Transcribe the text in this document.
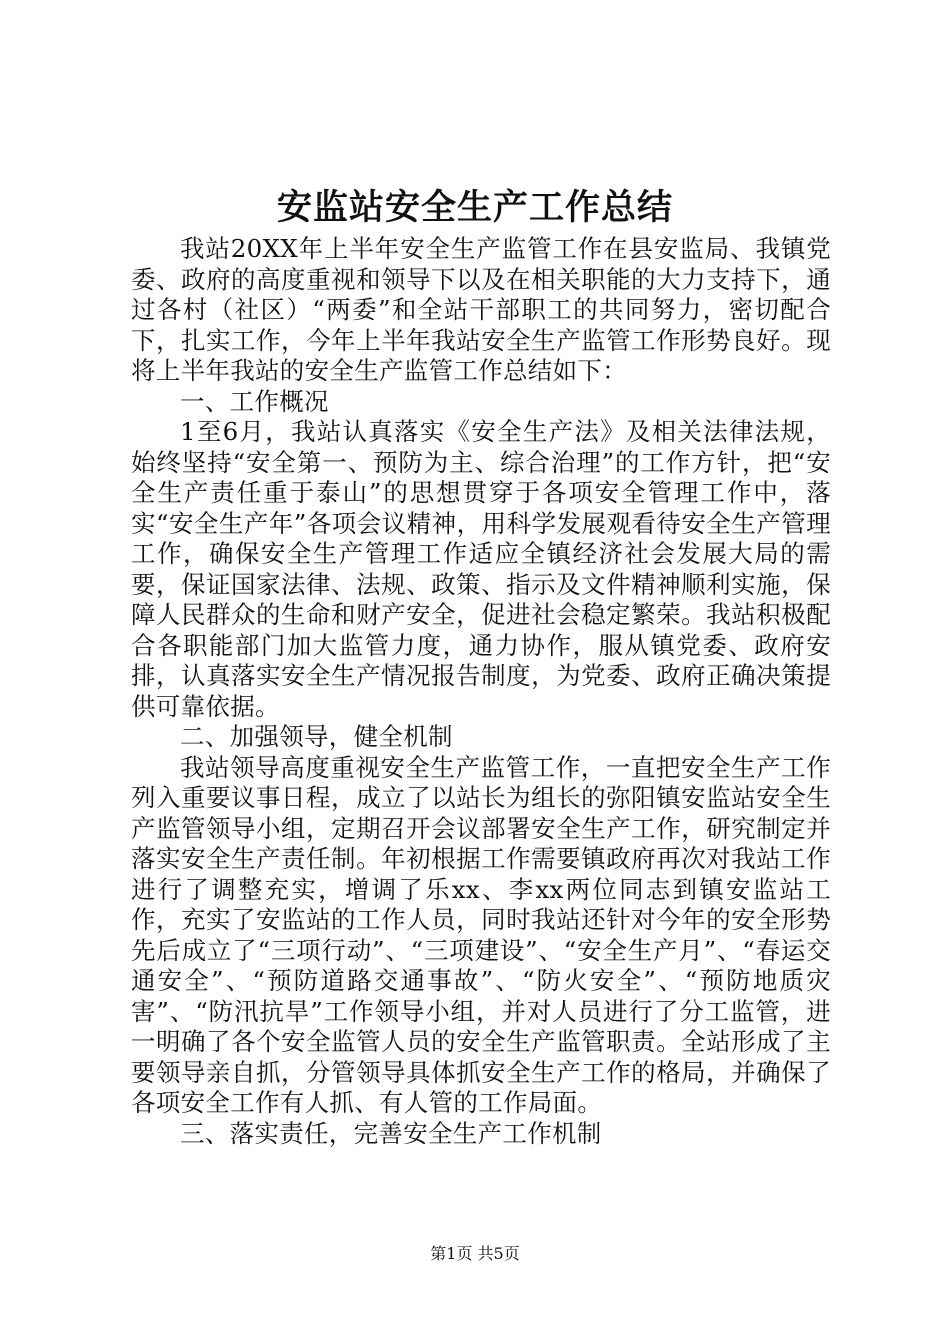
安监站安全生产工作总结

我站20XX年上半年安全生产监管工作在县安监局、我镇党委、政府的高度重视和领导下以及在相关职能的大力支持下，通过各村（社区）“两委”和全站干部职工的共同努力，密切配合下，扎实工作，今年上半年我站安全生产监管工作形势良好。现将上半年我站的安全生产监管工作总结如下：

一、工作概况

1至6月，我站认真落实《安全生产法》及相关法律法规，始终坚持“安全第一、预防为主、综合治理”的工作方针，把“安全生产责任重于泰山”的思想贯穿于各项安全管理工作中，落实“安全生产年”各项会议精神，用科学发展观看待安全生产管理工作，确保安全生产管理工作适应全镇经济社会发展大局的需要，保证国家法律、法规、政策、指示及文件精神顺利实施，保障人民群众的生命和财产安全，促进社会稳定繁荣。我站积极配合各职能部门加大监管力度，通力协作，服从镇党委、政府安排，认真落实安全生产情况报告制度，为党委、政府正确决策提供可靠依据。

二、加强领导，健全机制

我站领导高度重视安全生产监管工作，一直把安全生产工作列入重要议事日程，成立了以站长为组长的弥阳镇安监站安全生产监管领导小组，定期召开会议部署安全生产工作，研究制定并落实安全生产责任制。年初根据工作需要镇政府再次对我站工作进行了调整充实，增调了乐xx、李xx两位同志到镇安监站工作，充实了安监站的工作人员，同时我站还针对今年的安全形势先后成立了“三项行动”、“三项建设”、“安全生产月”、“春运交通安全”、“预防道路交通事故”、“防火安全”、“预防地质灾害”、“防汛抗旱”工作领导小组，并对人员进行了分工监管，进一明确了各个安全监管人员的安全生产监管职责。全站形成了主要领导亲自抓，分管领导具体抓安全生产工作的格局，并确保了各项安全工作有人抓、有人管的工作局面。

三、落实责任，完善安全生产工作机制

第1页 共5页
